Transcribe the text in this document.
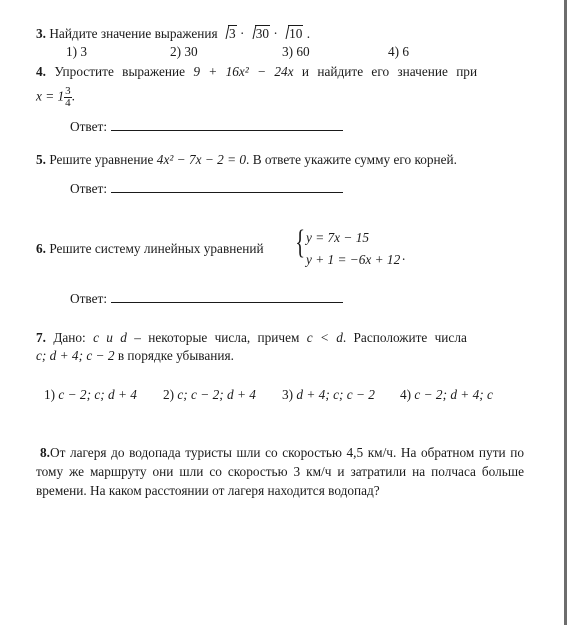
3. Найдите значение выражения 3 · 30 · 10 .
1) 3	2) 30	3) 60	4) 6
4. Упростите выражение 9 + 16x² − 24x и найдите его значение при
$x = 1 \frac{3}{4}$ .
Ответ:
5. Решите уравнение 4x² − 7x − 2 = 0. В ответе укажите сумму его корней.
Ответ:
6. Решите систему линейных уравнений { y = 7x − 15
y + 1 = −6x + 12 .
Ответ:
7. Дано: c и d – некоторые числа, причем c < d. Расположите числа
c; d + 4; c − 2 в порядке убывания.
1) c − 2; c; d + 4 2) c; c − 2; d + 4 3) d + 4; c; c − 2 4) c − 2; d + 4; c
8.От лагеря до водопада туристы шли со скоростью 4,5 км/ч. На обратном пути по тому же маршруту они шли со скоростью 3 км/ч и затратили на полчаса больше времени. На каком расстоянии от лагеря находится водопад?
